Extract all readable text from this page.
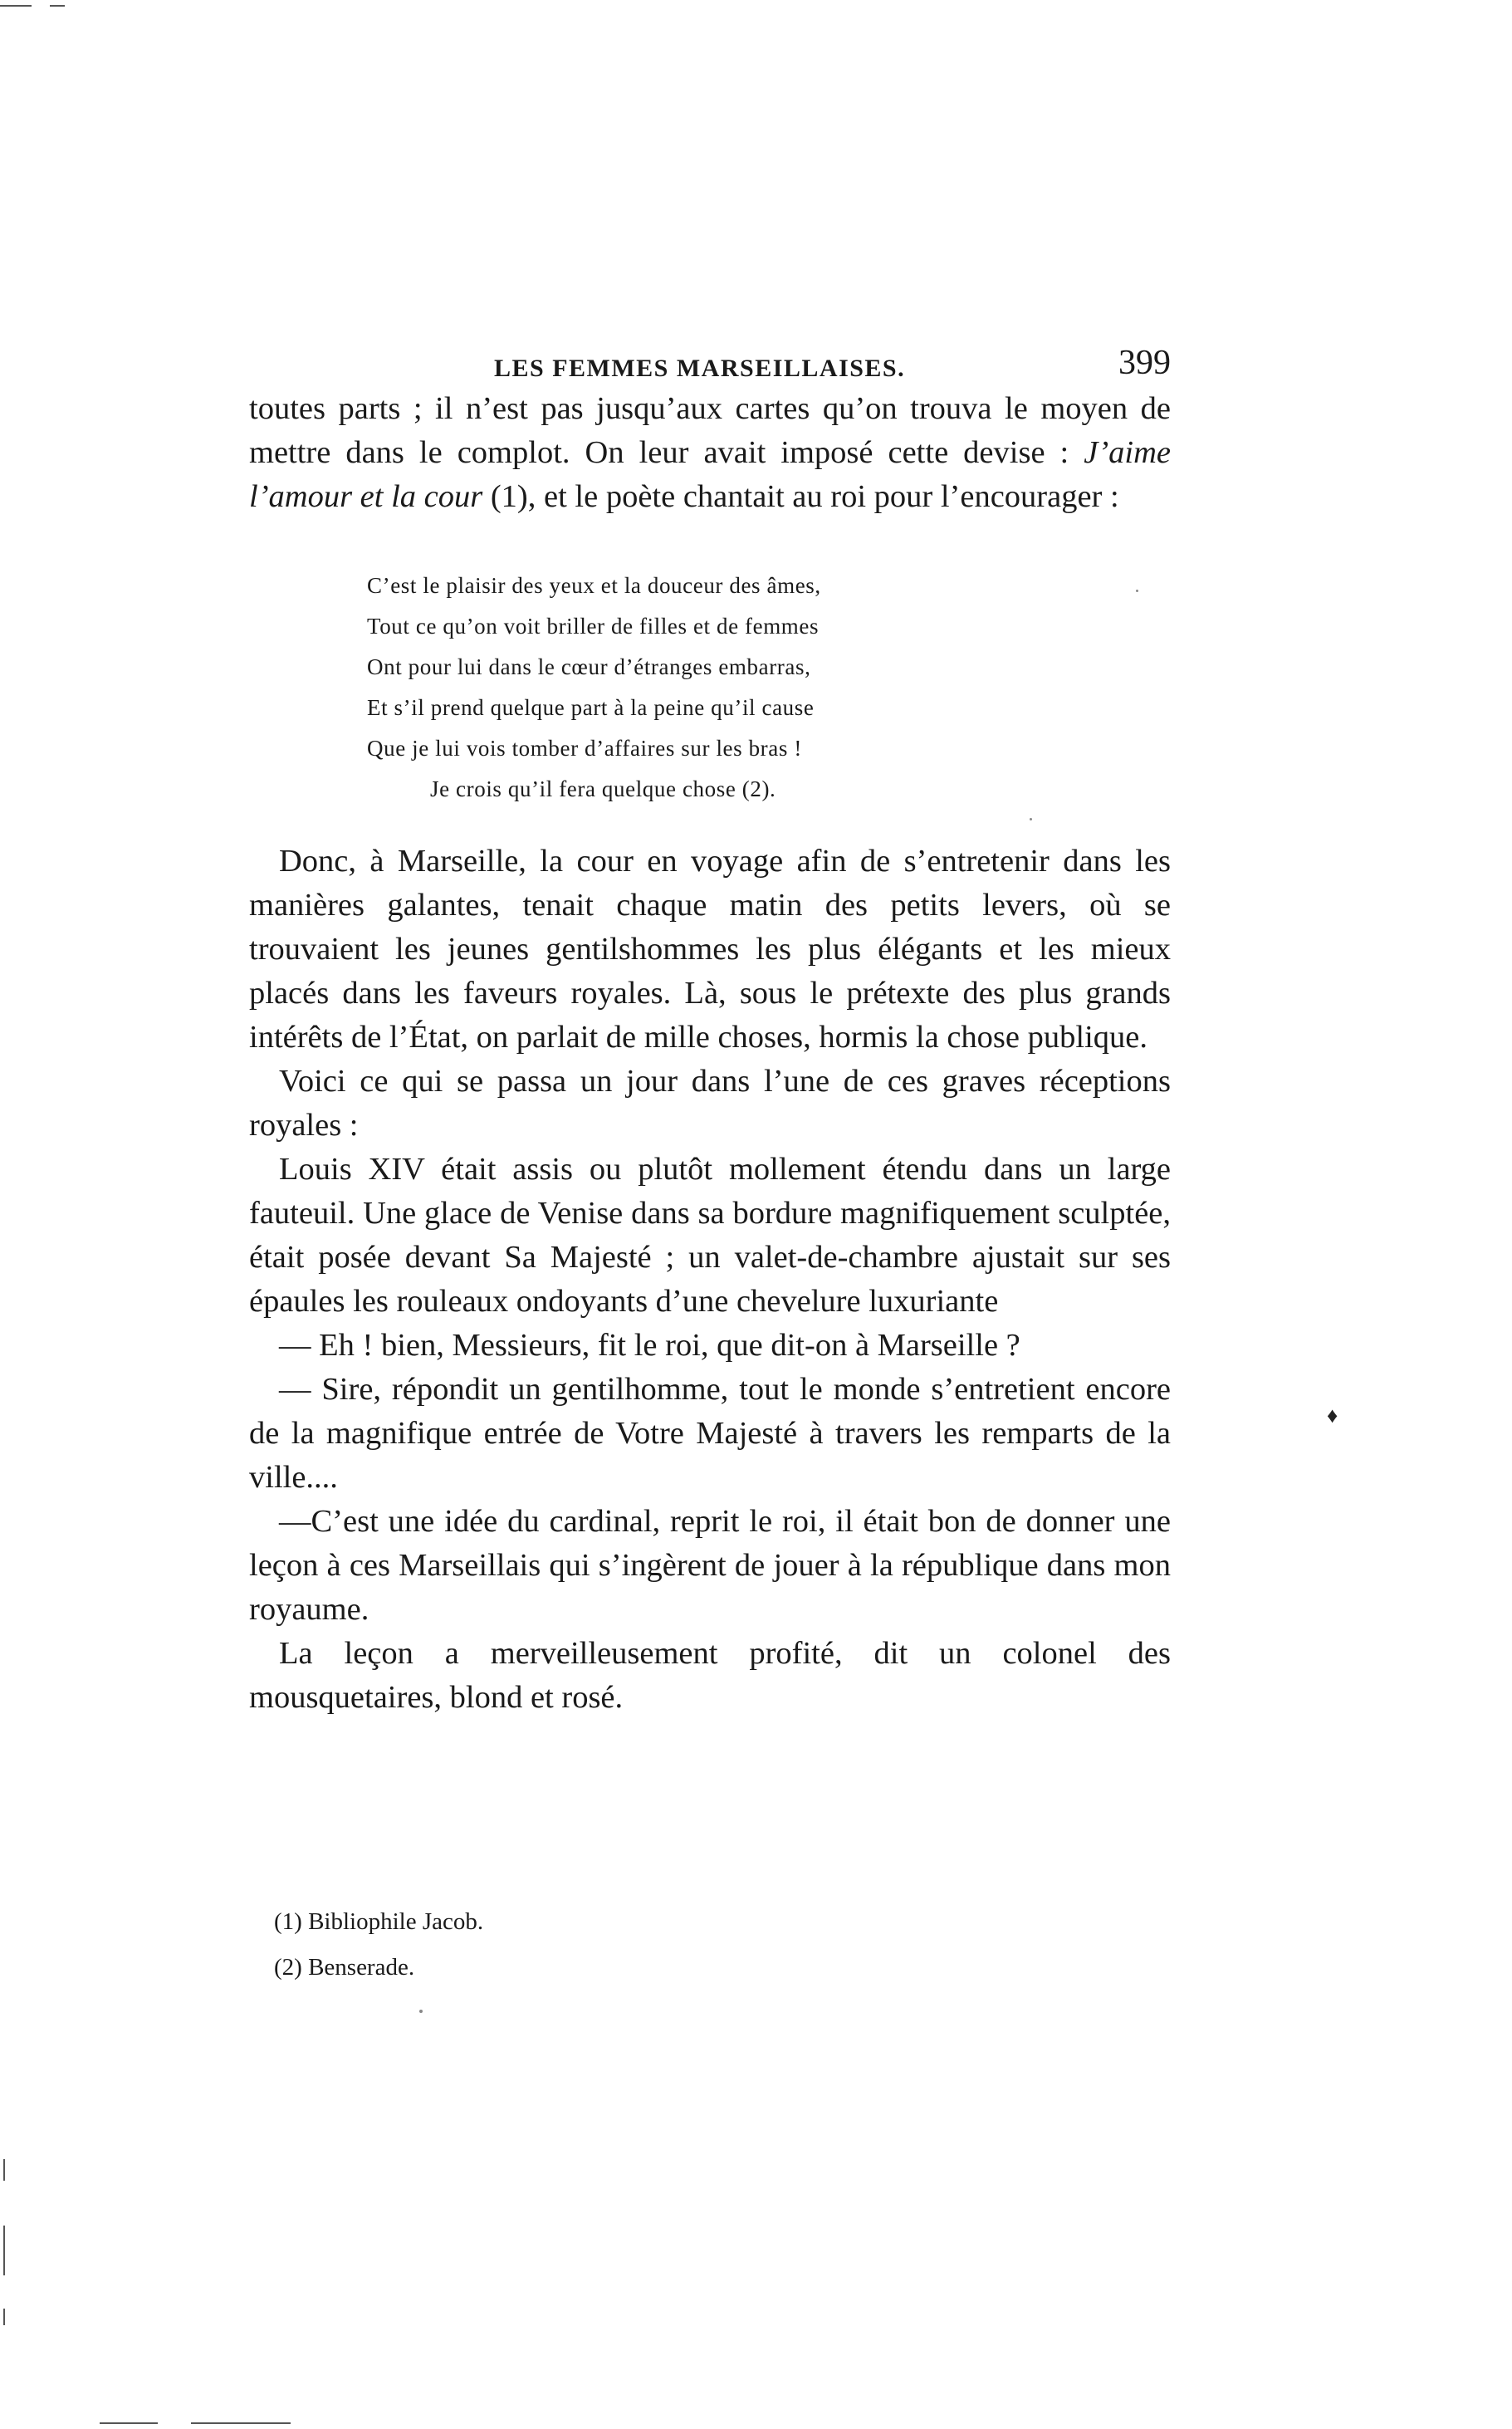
LES FEMMES MARSEILLAISES.	399

toutes parts ; il n’est pas jusqu’aux cartes qu’on trouva le moyen de mettre dans le complot. On leur avait imposé cette devise : J’aime l’amour et la cour (1), et le poète chantait au roi pour l’encourager :

C’est le plaisir des yeux et la douceur des âmes,
Tout ce qu’on voit briller de filles et de femmes
Ont pour lui dans le cœur d’étranges embarras,
Et s’il prend quelque part à la peine qu’il cause
Que je lui vois tomber d’affaires sur les bras !
Je crois qu’il fera quelque chose (2).

Donc, à Marseille, la cour en voyage afin de s’entretenir dans les manières galantes, tenait chaque matin des petits levers, où se trouvaient les jeunes gentilshommes les plus élégants et les mieux placés dans les faveurs royales. Là, sous le prétexte des plus grands intérêts de l’État, on parlait de mille choses, hormis la chose publique.

Voici ce qui se passa un jour dans l’une de ces graves réceptions royales :

Louis XIV était assis ou plutôt mollement étendu dans un large fauteuil. Une glace de Venise dans sa bordure magnifiquement sculptée, était posée devant Sa Majesté ; un valet-de-chambre ajustait sur ses épaules les rouleaux ondoyants d’une chevelure luxuriante

— Eh ! bien, Messieurs, fit le roi, que dit-on à Marseille ?

— Sire, répondit un gentilhomme, tout le monde s’entretient encore de la magnifique entrée de Votre Majesté à travers les remparts de la ville....

—C’est une idée du cardinal, reprit le roi, il était bon de donner une leçon à ces Marseillais qui s’ingèrent de jouer à la république dans mon royaume.

La leçon a merveilleusement profité, dit un colonel des mousquetaires, blond et rosé.

♦
(1) Bibliophile Jacob.
(2) Benserade.
